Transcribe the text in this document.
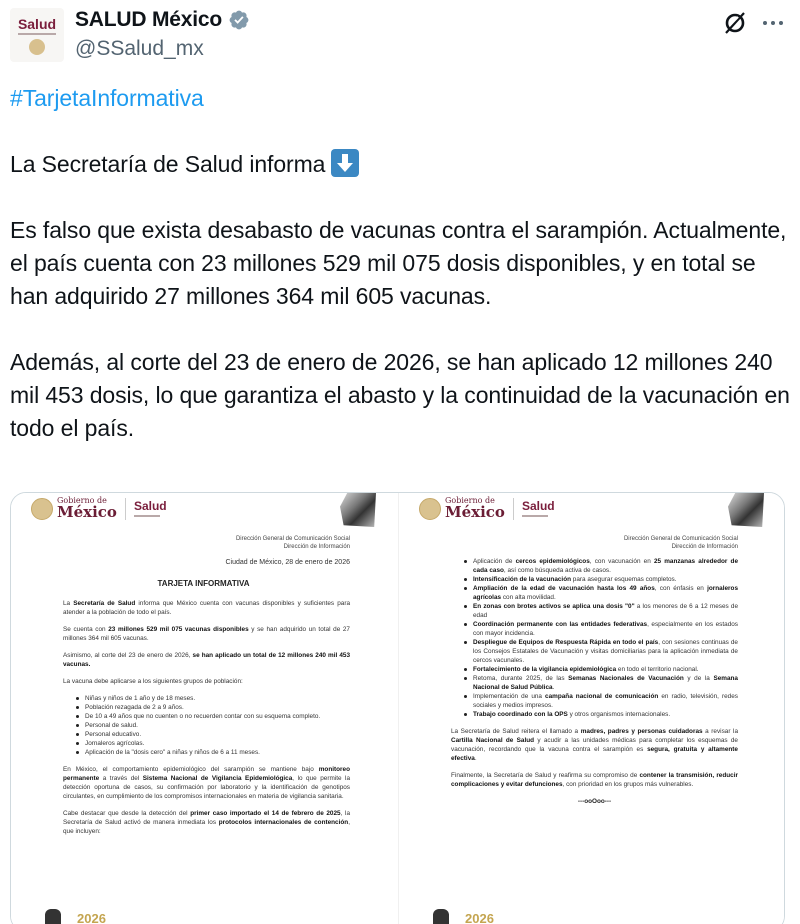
Salud SALUD México
@SSalud_mx

#TarjetaInformativa

La Secretaría de Salud informa

Es falso que exista desabasto de vacunas contra el sarampión. Actualmente, el país cuenta con 23 millones 529 mil 075 dosis disponibles, y en total se han adquirido 27 millones 364 mil 605 vacunas.

Además, al corte del 23 de enero de 2026, se han aplicado 12 millones 240 mil 453 dosis, lo que garantiza el abasto y la continuidad de la vacunación en todo el país.

Gobierno de
México Salud
Dirección General de Comunicación Social
Dirección de Información
Ciudad de México, 28 de enero de 2026
TARJETA INFORMATIVA

La Secretaría de Salud informa que México cuenta con vacunas disponibles y suficientes para atender a la población de todo el país.

Se cuenta con 23 millones 529 mil 075 vacunas disponibles y se han adquirido un total de 27 millones 364 mil 605 vacunas.

Asimismo, al corte del 23 de enero de 2026, se han aplicado un total de 12 millones 240 mil 453 vacunas.

La vacuna debe aplicarse a los siguientes grupos de población:

Niñas y niños de 1 año y de 18 meses.
Población rezagada de 2 a 9 años.
De 10 a 49 años que no cuenten o no recuerden contar con su esquema completo.
Personal de salud.
Personal educativo.
Jornaleros agrícolas.
Aplicación de la "dosis cero" a niñas y niños de 6 a 11 meses.

En México, el comportamiento epidemiológico del sarampión se mantiene bajo monitoreo permanente a través del Sistema Nacional de Vigilancia Epidemiológica, lo que permite la detección oportuna de casos, su confirmación por laboratorio y la identificación de genotipos circulantes, en cumplimiento de los compromisos internacionales en materia de vigilancia sanitaria.

Cabe destacar que desde la detección del primer caso importado el 14 de febrero de 2025, la Secretaría de Salud activó de manera inmediata los protocolos internacionales de contención, que incluyen:

2026
Gobierno de
México Salud
Dirección General de Comunicación Social
Dirección de Información
Aplicación de cercos epidemiológicos, con vacunación en 25 manzanas alrededor de cada caso, así como búsqueda activa de casos.
Intensificación de la vacunación para asegurar esquemas completos.
Ampliación de la edad de vacunación hasta los 49 años, con énfasis en jornaleros agrícolas con alta movilidad.
En zonas con brotes activos se aplica una dosis "0" a los menores de 6 a 12 meses de edad
Coordinación permanente con las entidades federativas, especialmente en los estados con mayor incidencia.
Despliegue de Equipos de Respuesta Rápida en todo el país, con sesiones continuas de los Consejos Estatales de Vacunación y visitas domiciliarias para la aplicación inmediata de cercos vacunales.
Fortalecimiento de la vigilancia epidemiológica en todo el territorio nacional.
Retoma, durante 2025, de las Semanas Nacionales de Vacunación y de la Semana Nacional de Salud Pública.
Implementación de una campaña nacional de comunicación en radio, televisión, redes sociales y medios impresos.
Trabajo coordinado con la OPS y otros organismos internacionales.

La Secretaría de Salud reitera el llamado a madres, padres y personas cuidadoras a revisar la Cartilla Nacional de Salud y acudir a las unidades médicas para completar los esquemas de vacunación, recordando que la vacuna contra el sarampión es segura, gratuita y altamente efectiva.

Finalmente, la Secretaría de Salud y reafirma su compromiso de contener la transmisión, reducir complicaciones y evitar defunciones, con prioridad en los grupos más vulnerables.

---ooOoo---

2026
